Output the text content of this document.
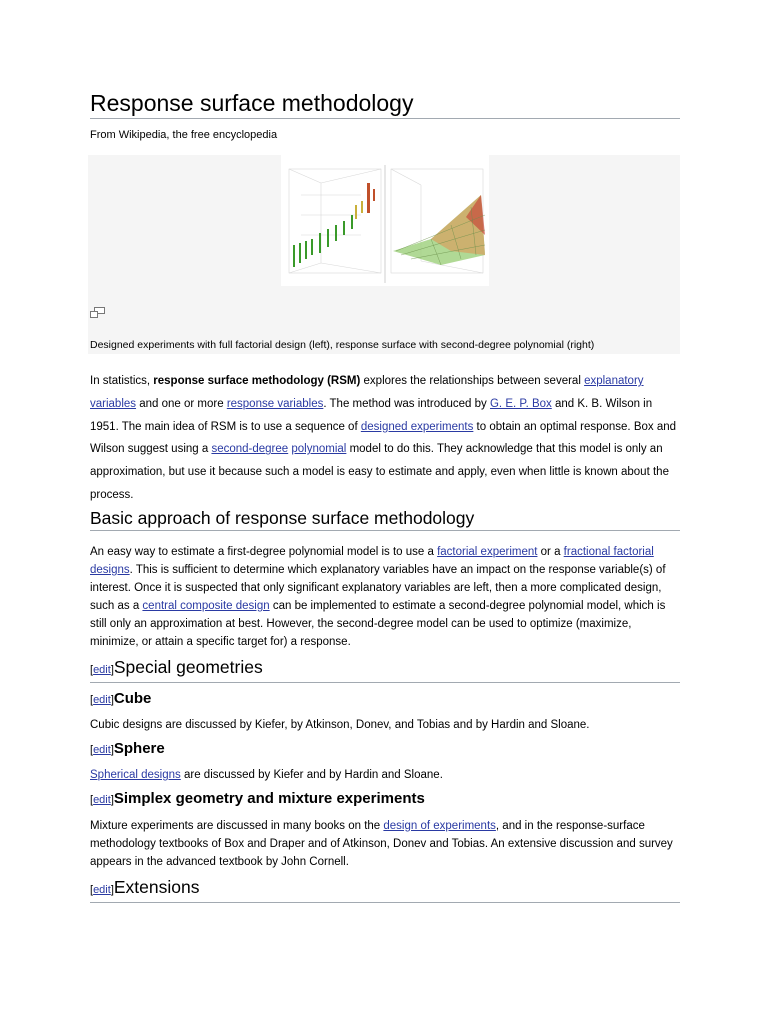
Response surface methodology
From Wikipedia, the free encyclopedia
Designed experiments with full factorial design (left), response surface with second-degree polynomial (right)
In statistics, response surface methodology (RSM) explores the relationships between several explanatory variables and one or more response variables. The method was introduced by G. E. P. Box and K. B. Wilson in 1951. The main idea of RSM is to use a sequence of designed experiments to obtain an optimal response. Box and Wilson suggest using a second-degree polynomial model to do this. They acknowledge that this model is only an approximation, but use it because such a model is easy to estimate and apply, even when little is known about the process.
Basic approach of response surface methodology
An easy way to estimate a first-degree polynomial model is to use a factorial experiment or a fractional factorial designs. This is sufficient to determine which explanatory variables have an impact on the response variable(s) of interest. Once it is suspected that only significant explanatory variables are left, then a more complicated design, such as a central composite design can be implemented to estimate a second-degree polynomial model, which is still only an approximation at best. However, the second-degree model can be used to optimize (maximize, minimize, or attain a specific target for) a response.
[edit]Special geometries
[edit]Cube
Cubic designs are discussed by Kiefer, by Atkinson, Donev, and Tobias and by Hardin and Sloane.
[edit]Sphere
Spherical designs are discussed by Kiefer and by Hardin and Sloane.
[edit]Simplex geometry and mixture experiments
Mixture experiments are discussed in many books on the design of experiments, and in the response-surface methodology textbooks of Box and Draper and of Atkinson, Donev and Tobias. An extensive discussion and survey appears in the advanced textbook by John Cornell.
[edit]Extensions
